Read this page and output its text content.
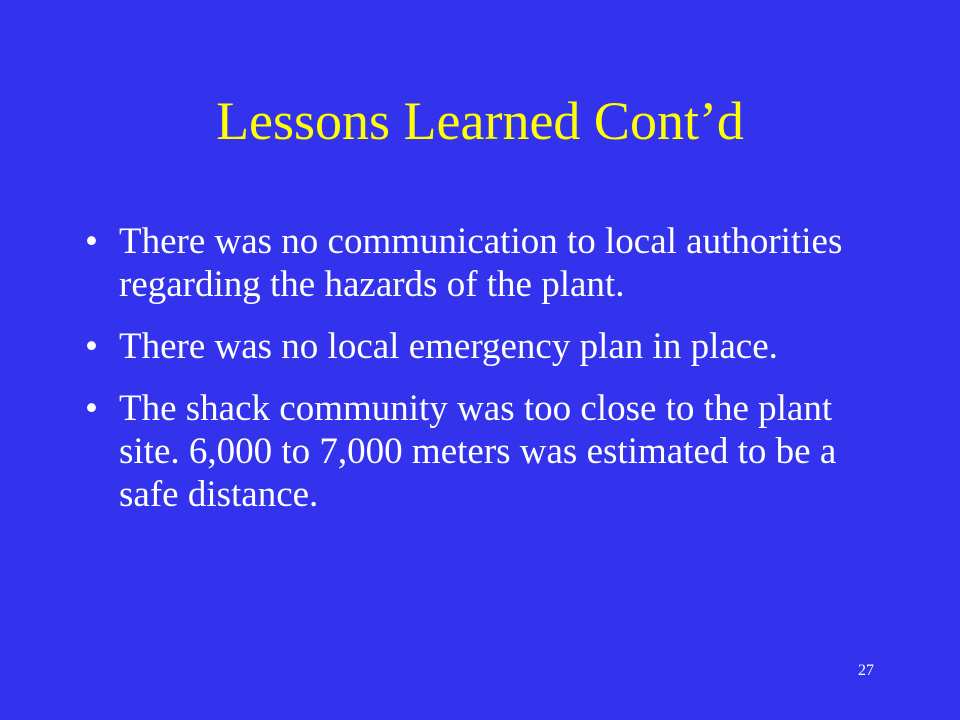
Lessons Learned Cont’d
• There was no communication to local authorities regarding the hazards of the plant.
• There was no local emergency plan in place.
• The shack community was too close to the plant site. 6,000 to 7,000 meters was estimated to be a safe distance.
27
